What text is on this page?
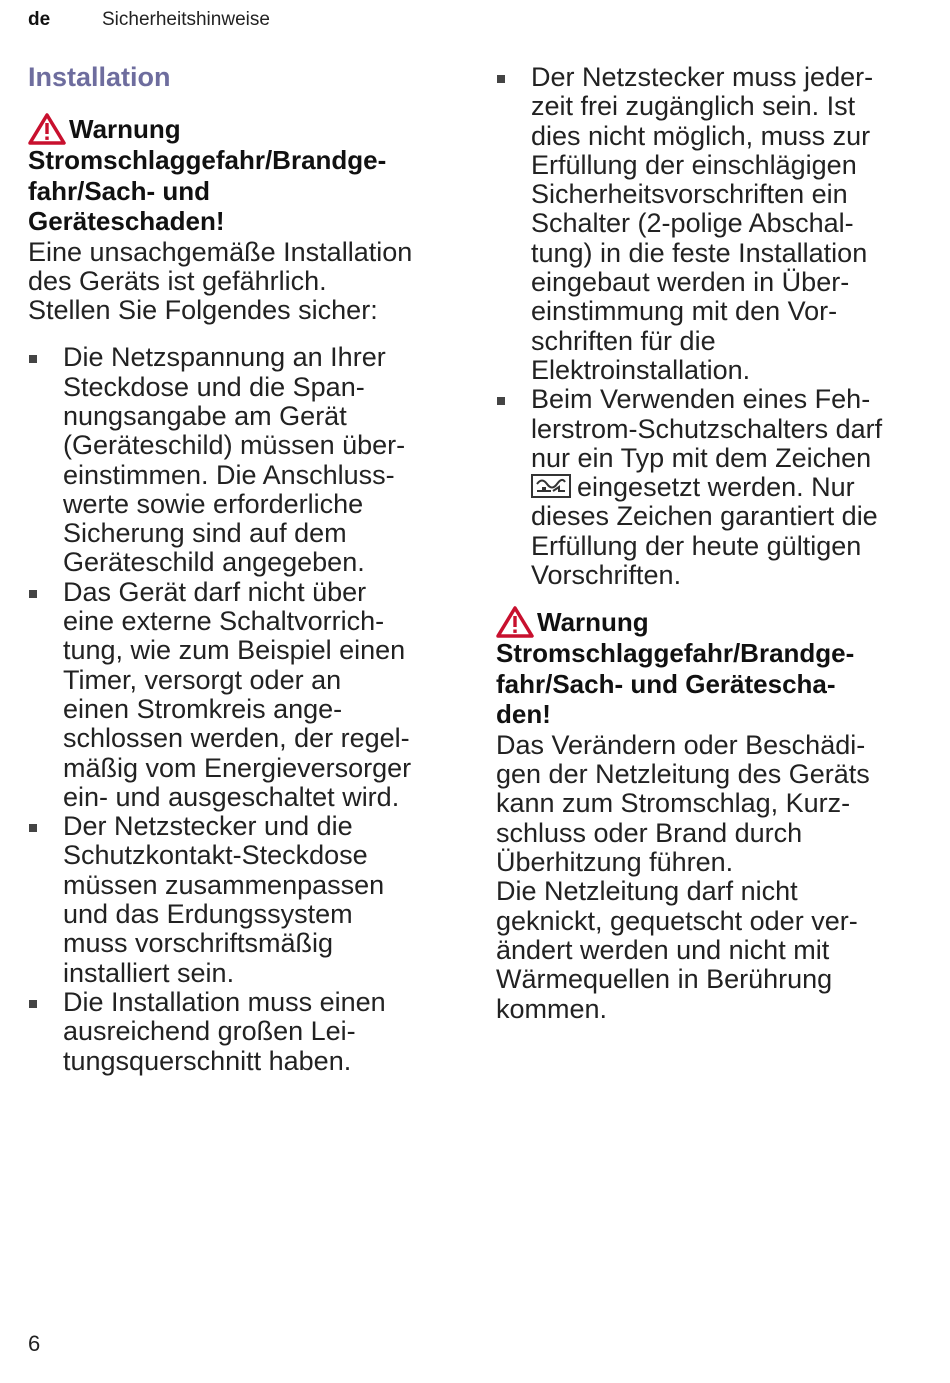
de	Sicherheitshinweise
Installation
Warnung
Stromschlaggefahr/Brandge-
fahr/Sach- und
Geräteschaden!
Eine unsachgemäße Installation
des Geräts ist gefährlich.
Stellen Sie Folgendes sicher:
Die Netzspannung an Ihrer
Steckdose und die Span-
nungsangabe am Gerät
(Geräteschild) müssen über-
einstimmen. Die Anschluss-
werte sowie erforderliche
Sicherung sind auf dem
Geräteschild angegeben.
Das Gerät darf nicht über
eine externe Schaltvorrich-
tung, wie zum Beispiel einen
Timer, versorgt oder an
einen Stromkreis ange-
schlossen werden, der regel-
mäßig vom Energieversorger
ein- und ausgeschaltet wird.
Der Netzstecker und die
Schutzkontakt-Steckdose
müssen zusammenpassen
und das Erdungssystem
muss vorschriftsmäßig
installiert sein.
Die Installation muss einen
ausreichend großen Lei-
tungsquerschnitt haben.
Der Netzstecker muss jeder-
zeit frei zugänglich sein. Ist
dies nicht möglich, muss zur
Erfüllung der einschlägigen
Sicherheitsvorschriften ein
Schalter (2-polige Abschal-
tung) in die feste Installation
eingebaut werden in Über-
einstimmung mit den Vor-
schriften für die
Elektroinstallation.
Beim Verwenden eines Feh-
lerstrom-Schutzschalters darf
nur ein Typ mit dem Zeichen
eingesetzt werden. Nur
dieses Zeichen garantiert die
Erfüllung der heute gültigen
Vorschriften.
Warnung
Stromschlaggefahr/Brandge-
fahr/Sach- und Gerätescha-
den!
Das Verändern oder Beschädi-
gen der Netzleitung des Geräts
kann zum Stromschlag, Kurz-
schluss oder Brand durch
Überhitzung führen.
Die Netzleitung darf nicht
geknickt, gequetscht oder ver-
ändert werden und nicht mit
Wärmequellen in Berührung
kommen.
6
